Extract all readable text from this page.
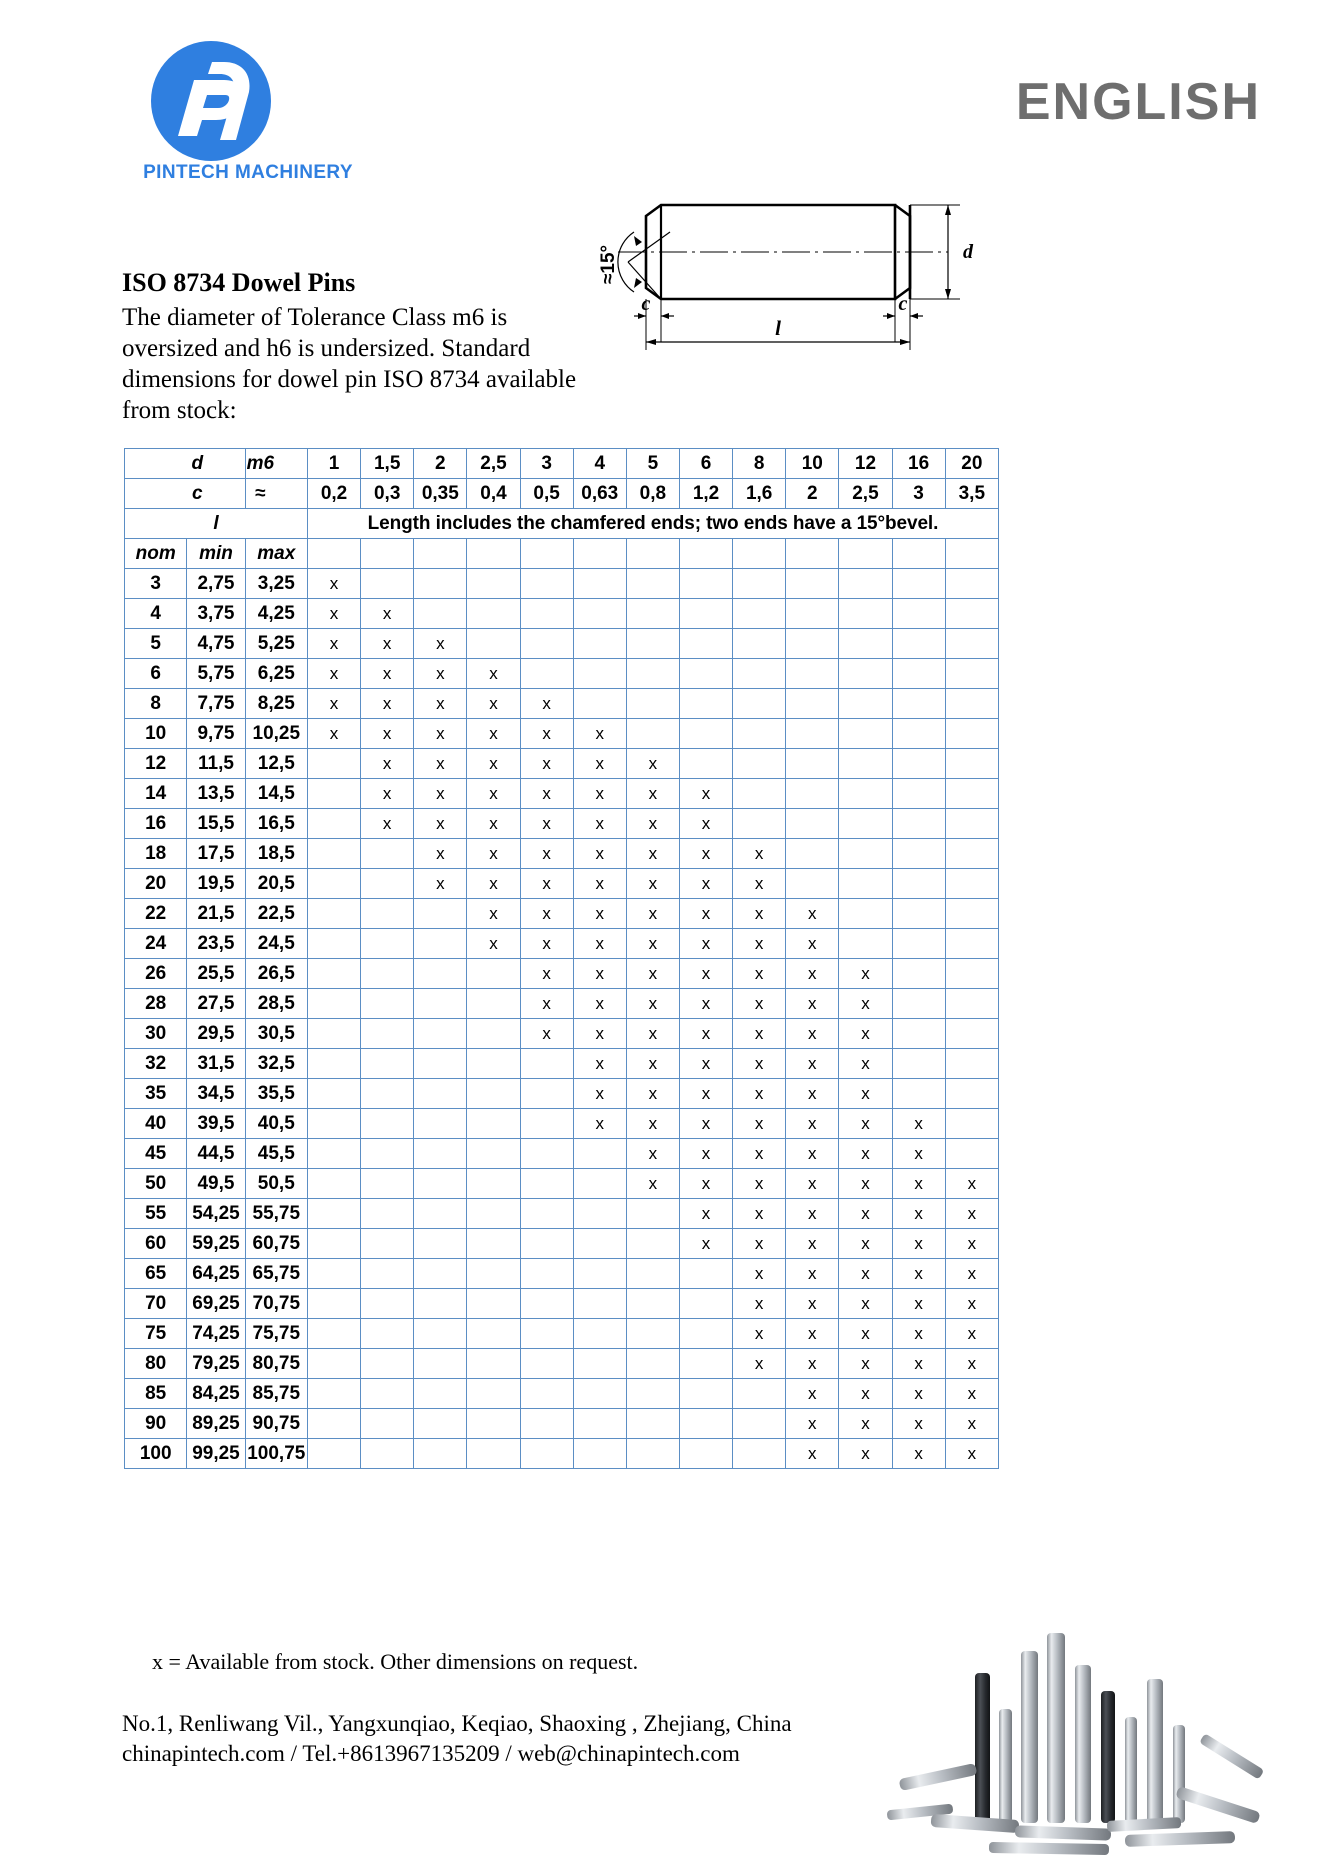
PINTECH MACHINERY
ENGLISH
ISO 8734 Dowel Pins

The diameter of Tolerance Class m6 is oversized and h6 is undersized. Standard dimensions for dowel pin ISO 8734 available from stock:

≈15°
c	c
d
l
d		m6	1	1,5	2	2,5	3	4	5	6	8	10	12	16	20
c		≈	0,2	0,3	0,35	0,4	0,5	0,63	0,8	1,2	1,6	2	2,5	3	3,5
l			Length includes the chamfered ends; two ends have a 15°bevel.												
nom	min	max													
3	2,75	3,25	x												
4	3,75	4,25	x	x											
5	4,75	5,25	x	x	x										
6	5,75	6,25	x	x	x	x									
8	7,75	8,25	x	x	x	x	x								
10	9,75	10,25	x	x	x	x	x	x							
12	11,5	12,5		x	x	x	x	x	x						
14	13,5	14,5		x	x	x	x	x	x	x					
16	15,5	16,5		x	x	x	x	x	x	x					
18	17,5	18,5			x	x	x	x	x	x	x				
20	19,5	20,5			x	x	x	x	x	x	x				
22	21,5	22,5				x	x	x	x	x	x	x			
24	23,5	24,5				x	x	x	x	x	x	x			
26	25,5	26,5					x	x	x	x	x	x	x		
28	27,5	28,5					x	x	x	x	x	x	x		
30	29,5	30,5					x	x	x	x	x	x	x		
32	31,5	32,5						x	x	x	x	x	x		
35	34,5	35,5						x	x	x	x	x	x		
40	39,5	40,5						x	x	x	x	x	x	x	
45	44,5	45,5							x	x	x	x	x	x	
50	49,5	50,5							x	x	x	x	x	x	x
55	54,25	55,75								x	x	x	x	x	x
60	59,25	60,75								x	x	x	x	x	x
65	64,25	65,75									x	x	x	x	x
70	69,25	70,75									x	x	x	x	x
75	74,25	75,75									x	x	x	x	x
80	79,25	80,75									x	x	x	x	x
85	84,25	85,75										x	x	x	x
90	89,25	90,75										x	x	x	x
100	99,25	100,75										x	x	x	x
x = Available from stock. Other dimensions on request.
No.1, Renliwang Vil., Yangxunqiao, Keqiao, Shaoxing , Zhejiang, China
chinapintech.com / Tel.+8613967135209 / web@chinapintech.com
